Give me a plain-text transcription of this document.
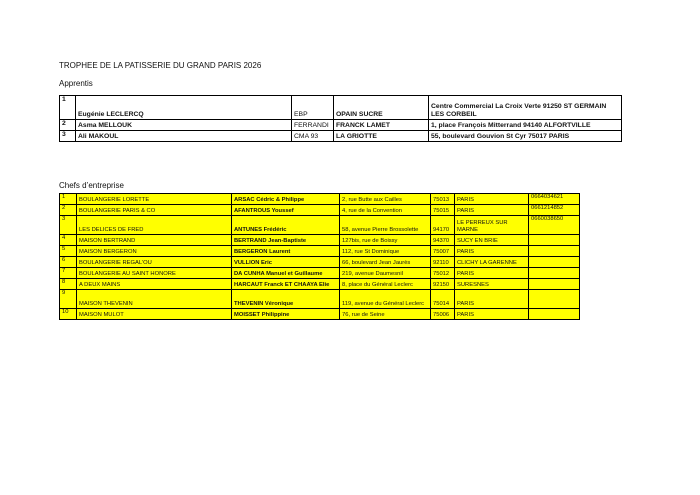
TROPHEE DE LA PATISSERIE DU GRAND PARIS 2026
Apprentis
1	Eugénie LECLERCQ	EBP	OPAIN SUCRE	Centre Commercial La Croix Verte 91250 ST GERMAIN LES CORBEIL
2	Asma MELLOUK	FERRANDI	FRANCK LAMET	1, place François Mitterrand 94140 ALFORTVILLE
3	Ali MAKOUL	CMA 93	LA GRIOTTE	55, boulevard Gouvion St Cyr 75017 PARIS
Chefs d’entreprise
1	BOULANGERIE LORETTE	ARSAC Cédric & Philippe	2, rue Butte aux Cailles	75013	PARIS	0664034621
2	BOULANGERIE PARIS & CO	AFANTROUS Youssef	4, rue de la Convention	75015	PARIS	0661214852
3	LES DELICES DE FRED	ANTUNES Frédéric	58, avenue Pierre Brossolette	94170	LE PERREUX SUR MARNE	0660038650
4	MAISON BERTRAND	BERTRAND Jean-Baptiste	127bis, rue de Boissy	94370	SUCY EN BRIE	
5	MAISON BERGERON	BERGERON Laurent	112, rue St Dominique	75007	PARIS	
6	BOULANGERIE REGAL’OU	VULLION Eric	66, boulevard Jean Jaurès	92110	CLICHY LA GARENNE	
7	BOULANGERIE AU SAINT HONORE	DA CUNHA Manuel et Guillaume	219, avenue Daumesnil	75012	PARIS	
8	A DEUX MAINS	HARCAUT Franck ET CHAAYA Elie	8, place du Général Leclerc	92150	SURESNES	
9	MAISON THEVENIN	THEVENIN Véronique	119, avenue du Général Leclerc	75014	PARIS	
10	MAISON MULOT	MOISSET Philippine	76, rue de Seine	75006	PARIS	
